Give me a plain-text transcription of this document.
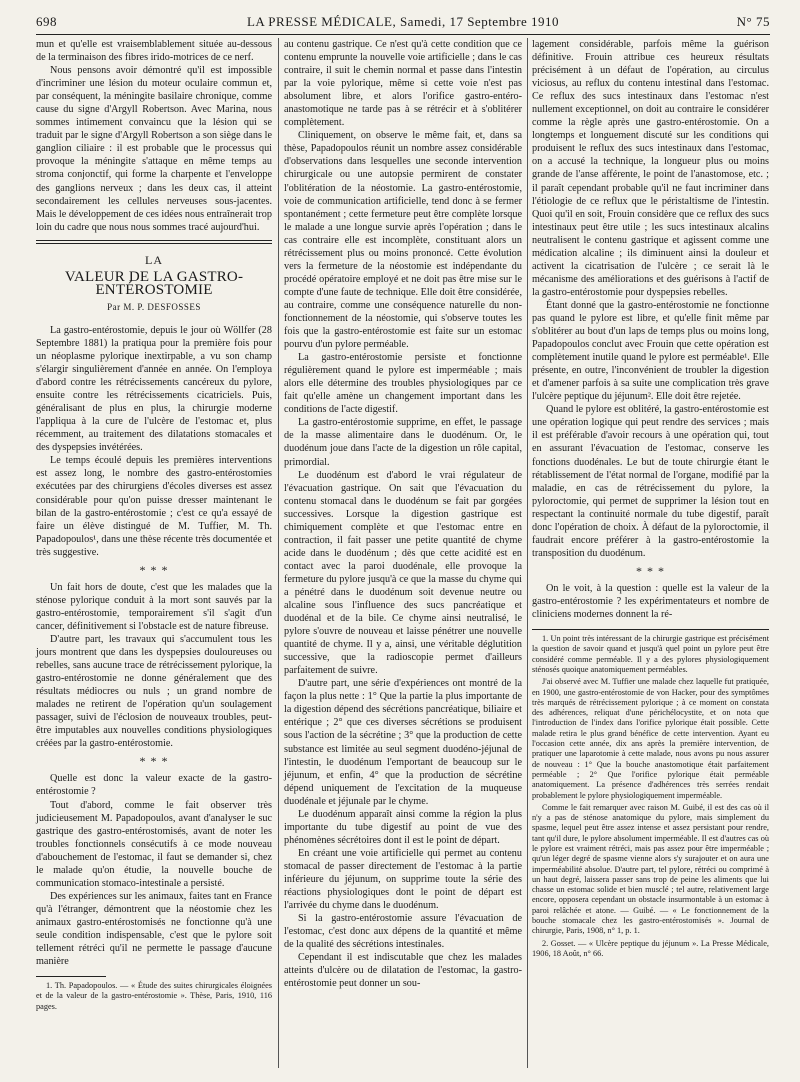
698	LA PRESSE MÉDICALE, Samedi, 17 Septembre 1910	N° 75

mun et qu'elle est vraisemblablement située au-dessous de la terminaison des fibres irido-motrices de ce nerf.

Nous pensons avoir démontré qu'il est impossible d'incriminer une lésion du moteur oculaire commun et, par conséquent, la méningite basilaire chronique, comme cause du signe d'Argyll Robertson. Avec Marina, nous sommes intimement convaincu que la lésion qui se traduit par le signe d'Argyll Robertson a son siège dans le ganglion ciliaire : il est probable que le processus qui provoque la méningite s'attaque en même temps au stroma conjonctif, qui forme la charpente et l'enveloppe des ganglions nerveux ; dans les deux cas, il atteint secondairement les cellules nerveuses sous-jacentes. Mais le développement de ces idées nous entraînerait trop loin du cadre que nous nous sommes tracé aujourd'hui.

LA
VALEUR DE LA GASTRO-ENTÉROSTOMIE
Par M. P. DESFOSSES

La gastro-entérostomie, depuis le jour où Wöllfer (28 Septembre 1881) la pratiqua pour la première fois pour un néoplasme pylorique inextirpable, a vu son champ s'élargir singulièrement d'année en année. On l'employa d'abord contre les rétrécissements cancéreux du pylore, ensuite contre les rétrécissements cicatriciels. Puis, généralisant de plus en plus, la chirurgie moderne l'appliqua à la cure de l'ulcère de l'estomac et, plus récemment, au traitement des dilatations stomacales et des dyspepsies invétérées.

Le temps écoulé depuis les premières interventions est assez long, le nombre des gastro-entérostomies exécutées par des chirurgiens d'écoles diverses est assez considérable pour qu'on puisse dresser maintenant le bilan de la gastro-entérostomie ; c'est ce qu'a essayé de faire un élève distingué de M. Tuffier, M. Th. Papadopoulos¹, dans une thèse récente très documentée et très suggestive.

* * *

Un fait hors de doute, c'est que les malades que la sténose pylorique conduit à la mort sont sauvés par la gastro-entérostomie, temporairement s'il s'agit d'un cancer, définitivement si l'obstacle est de nature fibreuse.

D'autre part, les travaux qui s'accumulent tous les jours montrent que dans les dyspepsies douloureuses ou rebelles, sans aucune trace de rétrécissement pylorique, la gastro-entérostomie ne donne généralement que des résultats médiocres ou nuls ; un grand nombre de malades ne retirent de l'opération qu'un soulagement passager, suivi de l'éclosion de nouveaux troubles, peut-être imputables aux nouvelles conditions physiologiques créées par la gastro-entérostomie.

* * *

Quelle est donc la valeur exacte de la gastro-entérostomie ?

Tout d'abord, comme le fait observer très judicieusement M. Papadopoulos, avant d'analyser le suc gastrique des gastro-entérostomisés, avant de noter les troubles fonctionnels consécutifs à ce mode nouveau d'abouchement de l'estomac, il faut se demander si, chez le malade qu'on étudie, la nouvelle bouche de communication stomaco-intestinale a persisté.

Des expériences sur les animaux, faites tant en France qu'à l'étranger, démontrent que la néostomie chez les animaux gastro-entérostomisés ne fonctionne qu'à une seule condition indispensable, c'est que le pylore soit tellement rétréci qu'il ne permette le passage d'aucune manière

1. Th. Papadopoulos. — « Étude des suites chirurgicales éloignées et de la valeur de la gastro-entérostomie ». Thèse, Paris, 1910, 116 pages.

au contenu gastrique. Ce n'est qu'à cette condition que ce contenu emprunte la nouvelle voie artificielle ; dans le cas contraire, il suit le chemin normal et passe dans l'intestin par la voie pylorique, même si cette voie n'est pas absolument libre, et alors l'orifice gastro-entéro-anastomotique ne tarde pas à se rétrécir et à s'oblitérer complètement.

Cliniquement, on observe le même fait, et, dans sa thèse, Papadopoulos réunit un nombre assez considérable d'observations dans lesquelles une seconde intervention chirurgicale ou une autopsie permirent de constater l'oblitération de la néostomie. La gastro-entérostomie, voie de communication artificielle, tend donc à se fermer spontanément ; cette fermeture peut être complète lorsque le malade a une longue survie après l'opération ; dans le cas contraire elle est incomplète, constituant alors un rétrécissement plus ou moins prononcé. Cette évolution vers la fermeture de la néostomie est indépendante du procédé opératoire employé et ne doit pas être mise sur le compte d'une faute de technique. Elle doit être considérée, au contraire, comme une conséquence naturelle du non-fonctionnement de la néostomie, qui s'observe toutes les fois que la gastro-entérostomie est faite sur un estomac pourvu d'un pylore perméable.

La gastro-entérostomie persiste et fonctionne régulièrement quand le pylore est imperméable ; mais alors elle détermine des troubles physiologiques par ce fait qu'elle amène un changement important dans les conditions de l'acte digestif.

La gastro-entérostomie supprime, en effet, le passage de la masse alimentaire dans le duodénum. Or, le duodénum joue dans l'acte de la digestion un rôle capital, primordial.

Le duodénum est d'abord le vrai régulateur de l'évacuation gastrique. On sait que l'évacuation du contenu stomacal dans le duodénum se fait par gorgées successives. Lorsque la digestion gastrique est chimiquement complète et que l'estomac entre en contraction, il fait passer une petite quantité de chyme acide dans le duodénum ; dès que cette acidité est en contact avec la paroi duodénale, elle provoque la fermeture du pylore jusqu'à ce que la masse du chyme qui a pénétré dans le duodénum soit devenue neutre ou alcaline sous l'influence des sucs pancréatique et duodénal et de la bile. Ce chyme ainsi neutralisé, le pylore s'ouvre de nouveau et laisse pénétrer une nouvelle quantité de chyme. Il y a, ainsi, une véritable déglutition successive, que la radioscopie permet d'ailleurs parfaitement de suivre.

D'autre part, une série d'expériences ont montré de la façon la plus nette : 1° Que la partie la plus importante de la digestion dépend des sécrétions pancréatique, biliaire et entérique ; 2° que ces diverses sécrétions se produisent sous l'action de la sécrétine ; 3° que la production de cette substance est limitée au seul segment duodéno-jéjunal de l'intestin, le duodénum l'emportant de beaucoup sur le jéjunum, et enfin, 4° que la production de sécrétine dépend uniquement de l'excitation de la muqueuse duodénale et jéjunale par le chyme.

Le duodénum apparaît ainsi comme la région la plus importante du tube digestif au point de vue des phénomènes sécrétoires dont il est le point de départ.

En créant une voie artificielle qui permet au contenu stomacal de passer directement de l'estomac à la partie inférieure du jéjunum, on supprime toute la série des réactions physiologiques dont le point de départ est l'arrivée du chyme dans le duodénum.

Si la gastro-entérostomie assure l'évacuation de l'estomac, c'est donc aux dépens de la quantité et même de la qualité des sécrétions intestinales.

Cependant il est indiscutable que chez les malades atteints d'ulcère ou de dilatation de l'estomac, la gastro-entérostomie peut donner un sou-

lagement considérable, parfois même la guérison définitive. Frouin attribue ces heureux résultats précisément à un défaut de l'opération, au circulus viciosus, au reflux du contenu intestinal dans l'estomac. Ce reflux des sucs intestinaux dans l'estomac n'est nullement exceptionnel, on doit au contraire le considérer comme la règle après une gastro-entérostomie. On a longtemps et longuement discuté sur les conditions qui produisent le reflux des sucs intestinaux dans l'estomac, on a accusé la technique, la longueur plus ou moins grande de l'anse afférente, le point de l'anastomose, etc. ; il paraît cependant probable qu'il ne faut incriminer dans l'étiologie de ce reflux que le péristaltisme de l'intestin. Quoi qu'il en soit, Frouin considère que ce reflux des sucs intestinaux peut être utile ; les sucs intestinaux alcalins neutralisent le contenu gastrique et agissent comme une médication alcaline ; ils diminuent ainsi la douleur et activent la cicatrisation de l'ulcère ; ce serait là le mécanisme des améliorations et des guérisons à l'actif de la gastro-entérostomie pour dyspepsies rebelles.

Étant donné que la gastro-entérostomie ne fonctionne pas quand le pylore est libre, et qu'elle finit même par s'oblitérer au bout d'un laps de temps plus ou moins long, Papadopoulos conclut avec Frouin que cette opération est complètement inutile quand le pylore est perméable¹. Elle présente, en outre, l'inconvénient de troubler la digestion et d'amener parfois à sa suite une complication très grave l'ulcère peptique du jéjunum². Elle doit être rejetée.

Quand le pylore est oblitéré, la gastro-entérostomie est une opération logique qui peut rendre des services ; mais il est préférable d'avoir recours à une opération qui, tout en assurant l'évacuation de l'estomac, conserve les fonctions duodénales. Le but de toute chirurgie étant le rétablissement de l'état normal de l'organe, modifié par la maladie, en cas de rétrécissement du pylore, la pyloroctomie, qui permet de supprimer la lésion tout en respectant la continuité normale du tube digestif, paraît donc l'opération de choix. À défaut de la pyloroctomie, il faudrait encore préférer à la gastro-entérostomie la transposition du duodénum.

* * *

On le voit, à la question : quelle est la valeur de la gastro-entérostomie ? les expérimentateurs et nombre de cliniciens modernes donnent la ré-

1. Un point très intéressant de la chirurgie gastrique est précisément la question de savoir quand et jusqu'à quel point un pylore peut être considéré comme perméable. Il y a des pylores physiologiquement sténosés quoique anatomiquement perméables.

J'ai observé avec M. Tuffier une malade chez laquelle fut pratiquée, en 1900, une gastro-entérostomie de von Hacker, pour des symptômes très marqués de rétrécissement pylorique ; à ce moment on constata des adhérences, reliquat d'une périchélocystite, et on nota que l'introduction de l'index dans l'orifice pylorique était possible. Cette malade retira le plus grand bénéfice de cette intervention. Ayant eu l'occasion cette année, dix ans après la première intervention, de pratiquer une laparotomie à cette malade, nous avons pu nous assurer de nouveau : 1° Que la bouche anastomotique était parfaitement perméable ; 2° Que l'orifice pylorique était perméable anatomiquement. La présence d'adhérences très serrées rendait probablement le pylore physiologiquement imperméable.

Comme le fait remarquer avec raison M. Guibé, il est des cas où il n'y a pas de sténose anatomique du pylore, mais simplement du spasme, lequel peut être assez intense et assez persistant pour rendre, tant qu'il dure, le pylore absolument imperméable. Il est d'autres cas où le pylore est vraiment rétréci, mais pas assez pour être imperméable ; qu'un léger degré de spasme vienne alors s'y surajouter et on aura une imperméabilité absolue. D'autre part, tel pylore, rétréci ou comprimé à un haut degré, laissera passer sans trop de peine les aliments que lui chasse un estomac solide et bien musclé ; tel autre, relativement large encore, opposera cependant un obstacle insurmontable à un estomac à paroi relâchée et atone. — Guibé. — « Le fonctionnement de la bouche stomacale chez les gastro-entérostomisés ». Journal de chirurgie, Paris, 1908, n° 1, p. 1.

2. Gosset. — « Ulcère peptique du jéjunum ». La Presse Médicale, 1906, 18 Août, n° 66.
